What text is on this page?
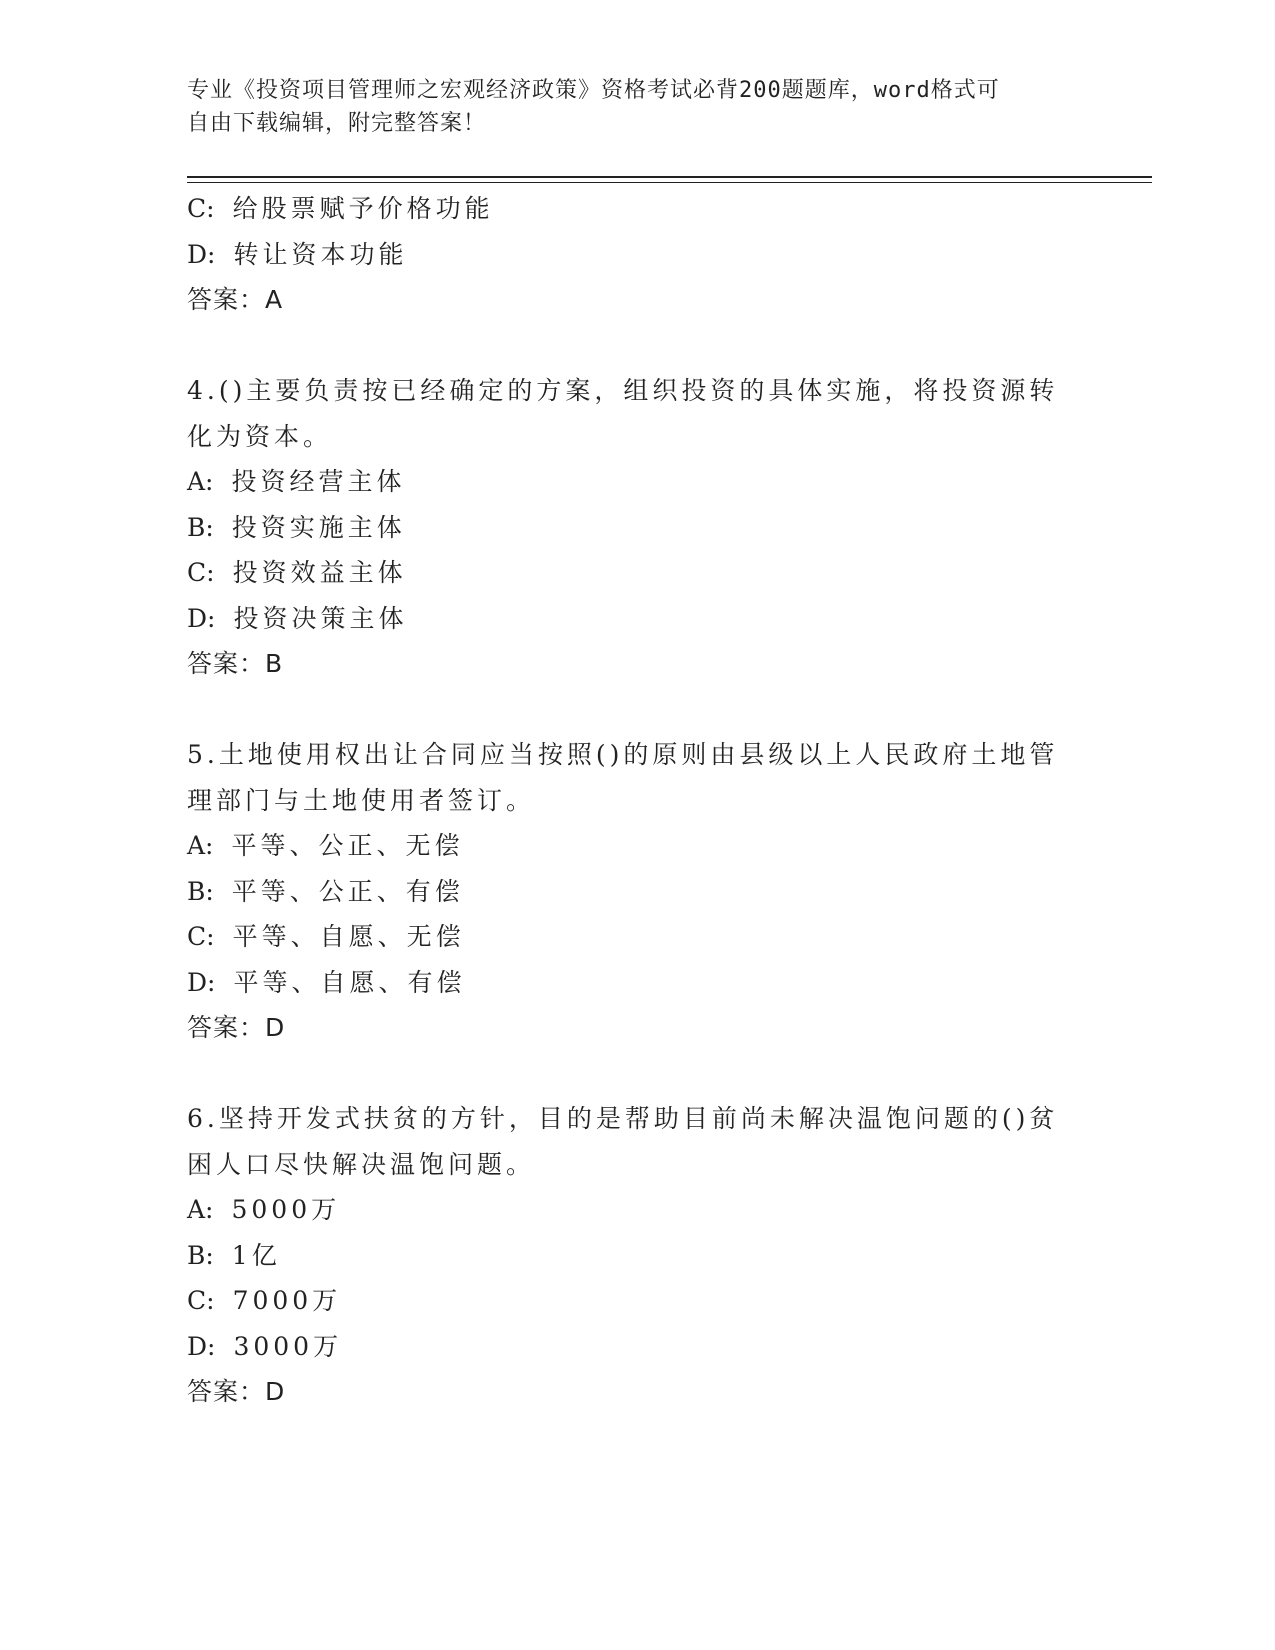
专业《投资项目管理师之宏观经济政策》资格考试必背200题题库，word格式可
自由下载编辑，附完整答案！
C: 给股票赋予价格功能
D: 转让资本功能
答案：A
4.()主要负责按已经确定的方案，组织投资的具体实施，将投资源转
化为资本。
A: 投资经营主体
B: 投资实施主体
C: 投资效益主体
D: 投资决策主体
答案：B
5.土地使用权出让合同应当按照()的原则由县级以上人民政府土地管
理部门与土地使用者签订。
A: 平等、公正、无偿
B: 平等、公正、有偿
C: 平等、自愿、无偿
D: 平等、自愿、有偿
答案：D
6.坚持开发式扶贫的方针，目的是帮助目前尚未解决温饱问题的()贫
困人口尽快解决温饱问题。
A: 5000万
B: 1亿
C: 7000万
D: 3000万
答案：D
